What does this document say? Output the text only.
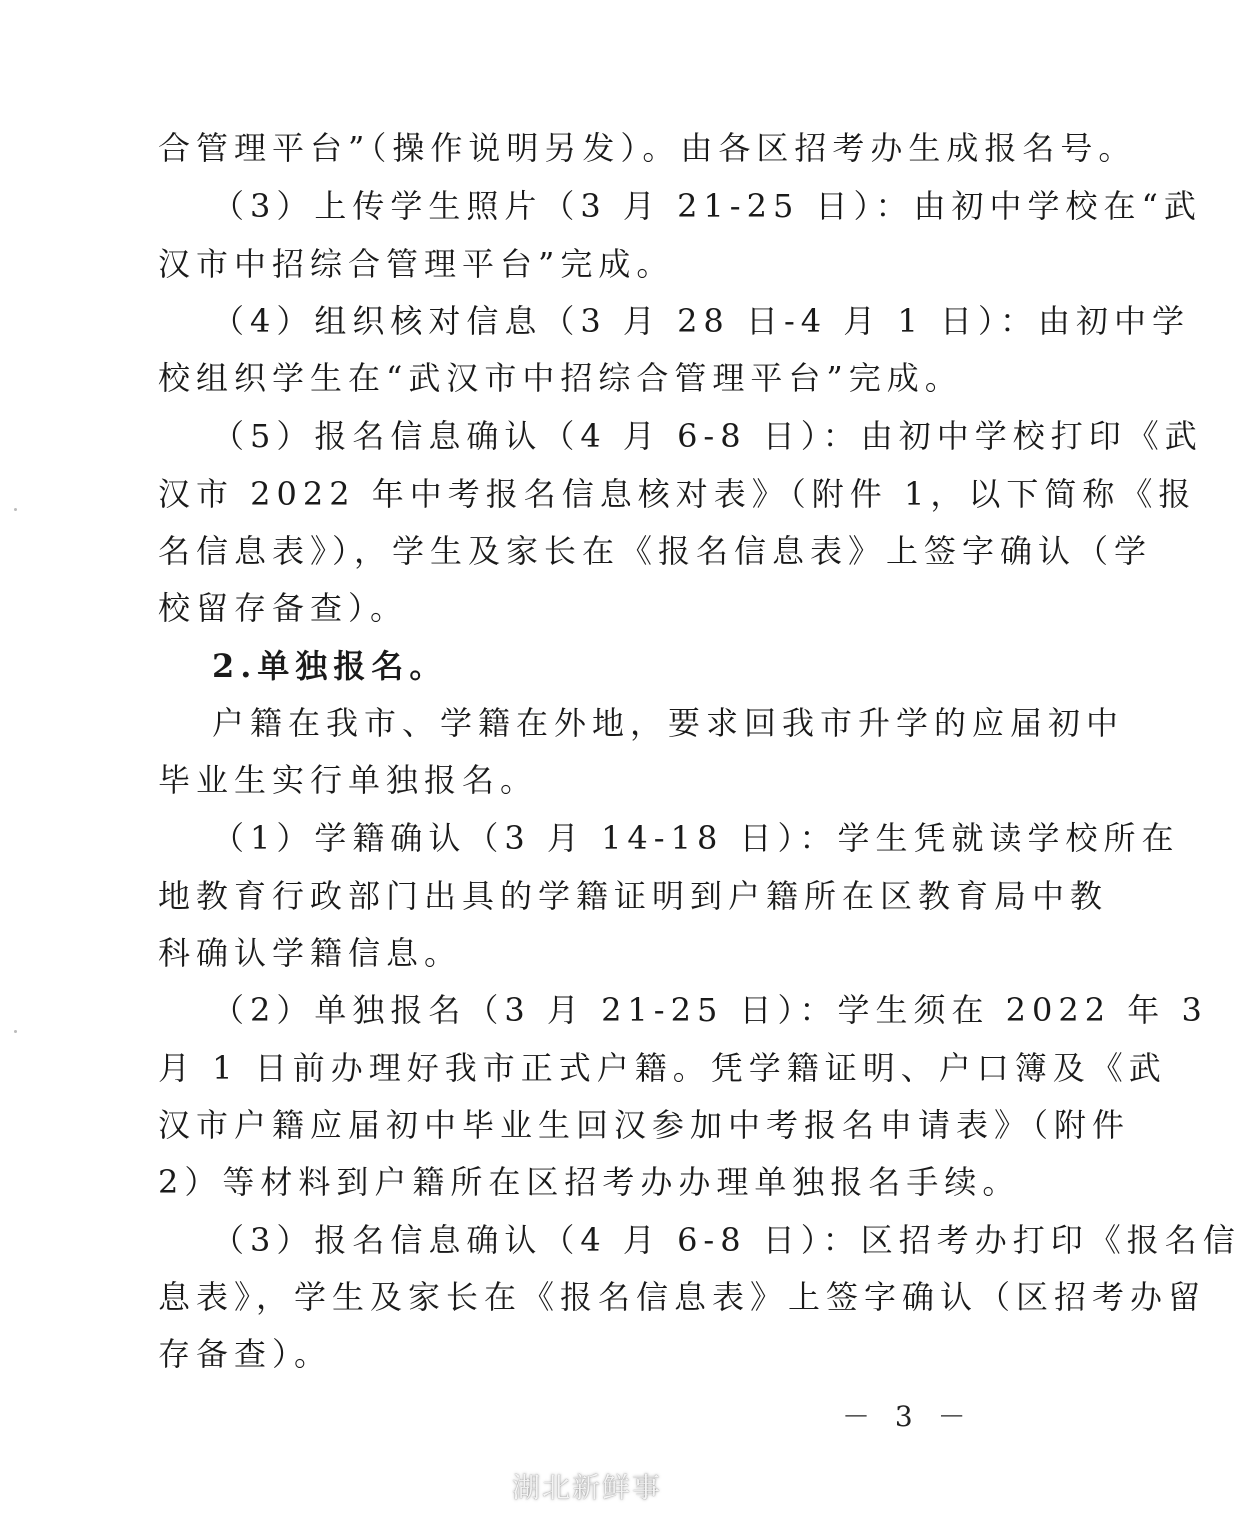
合管理平台”（操作说明另发）。由各区招考办生成报名号。
（3）上传学生照片（3 月 21-25 日）：由初中学校在“武
汉市中招综合管理平台”完成。
（4）组织核对信息（3 月 28 日-4 月 1 日）：由初中学
校组织学生在“武汉市中招综合管理平台”完成。
（5）报名信息确认（4 月 6-8 日）：由初中学校打印《武
汉市 2022 年中考报名信息核对表》（附件 1，以下简称《报
名信息表》），学生及家长在《报名信息表》上签字确认（学
校留存备查）。
2.单独报名。
户籍在我市、学籍在外地，要求回我市升学的应届初中
毕业生实行单独报名。
（1）学籍确认（3 月 14-18 日）：学生凭就读学校所在
地教育行政部门出具的学籍证明到户籍所在区教育局中教
科确认学籍信息。
（2）单独报名（3 月 21-25 日）：学生须在 2022 年 3
月 1 日前办理好我市正式户籍。凭学籍证明、户口簿及《武
汉市户籍应届初中毕业生回汉参加中考报名申请表》（附件
2）等材料到户籍所在区招考办办理单独报名手续。
（3）报名信息确认（4 月 6-8 日）：区招考办打印《报名信
息表》，学生及家长在《报名信息表》上签字确认（区招考办留
存备查）。
－ 3 －
湖北新鲜事
